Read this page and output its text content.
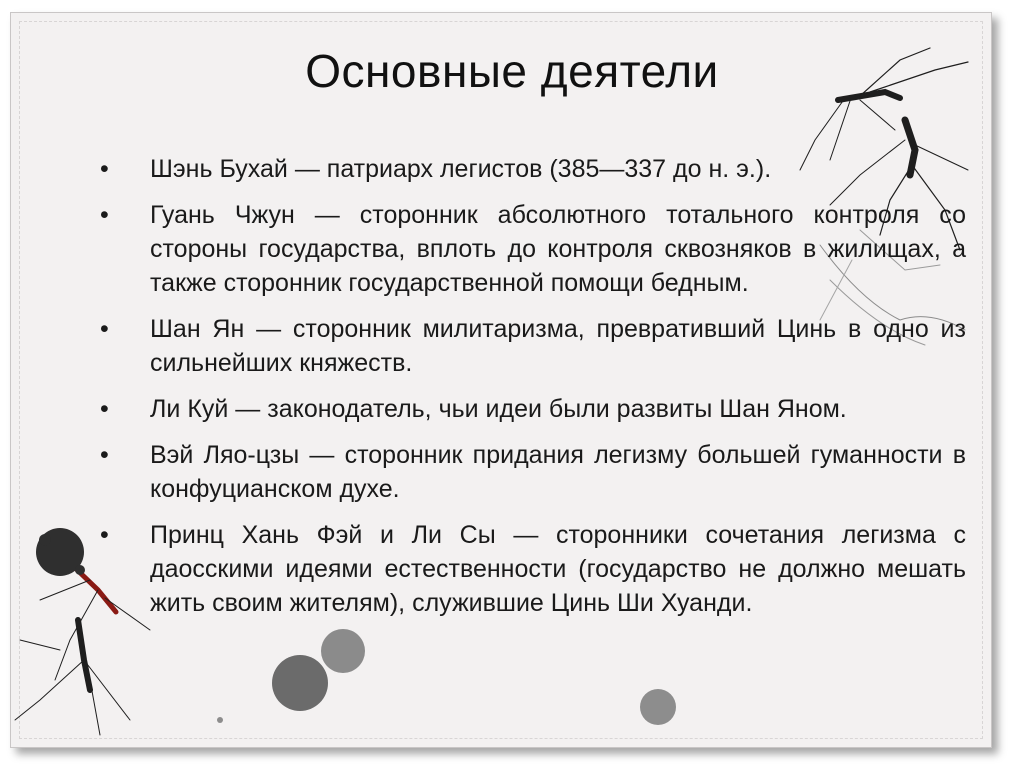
Основные деятели
•	Шэнь Бухай — патриарх легистов (385—337 до н. э.).
•	Гуань Чжун — сторонник абсолютного тотального контроля со стороны государства, вплоть до контроля сквозняков в жилищах, а также сторонник государственной помощи бедным.
•	Шан Ян — сторонник милитаризма, превративший Цинь в одно из сильнейших княжеств.
•	Ли Куй — законодатель, чьи идеи были развиты Шан Яном.
•	Вэй Ляо-цзы — сторонник придания легизму большей гуманности в конфуцианском духе.
•	Принц Хань Фэй и Ли Сы — сторонники сочетания легизма с даосскими идеями естественности (государство не должно мешать жить своим жителям), служившие Цинь Ши Хуанди.
